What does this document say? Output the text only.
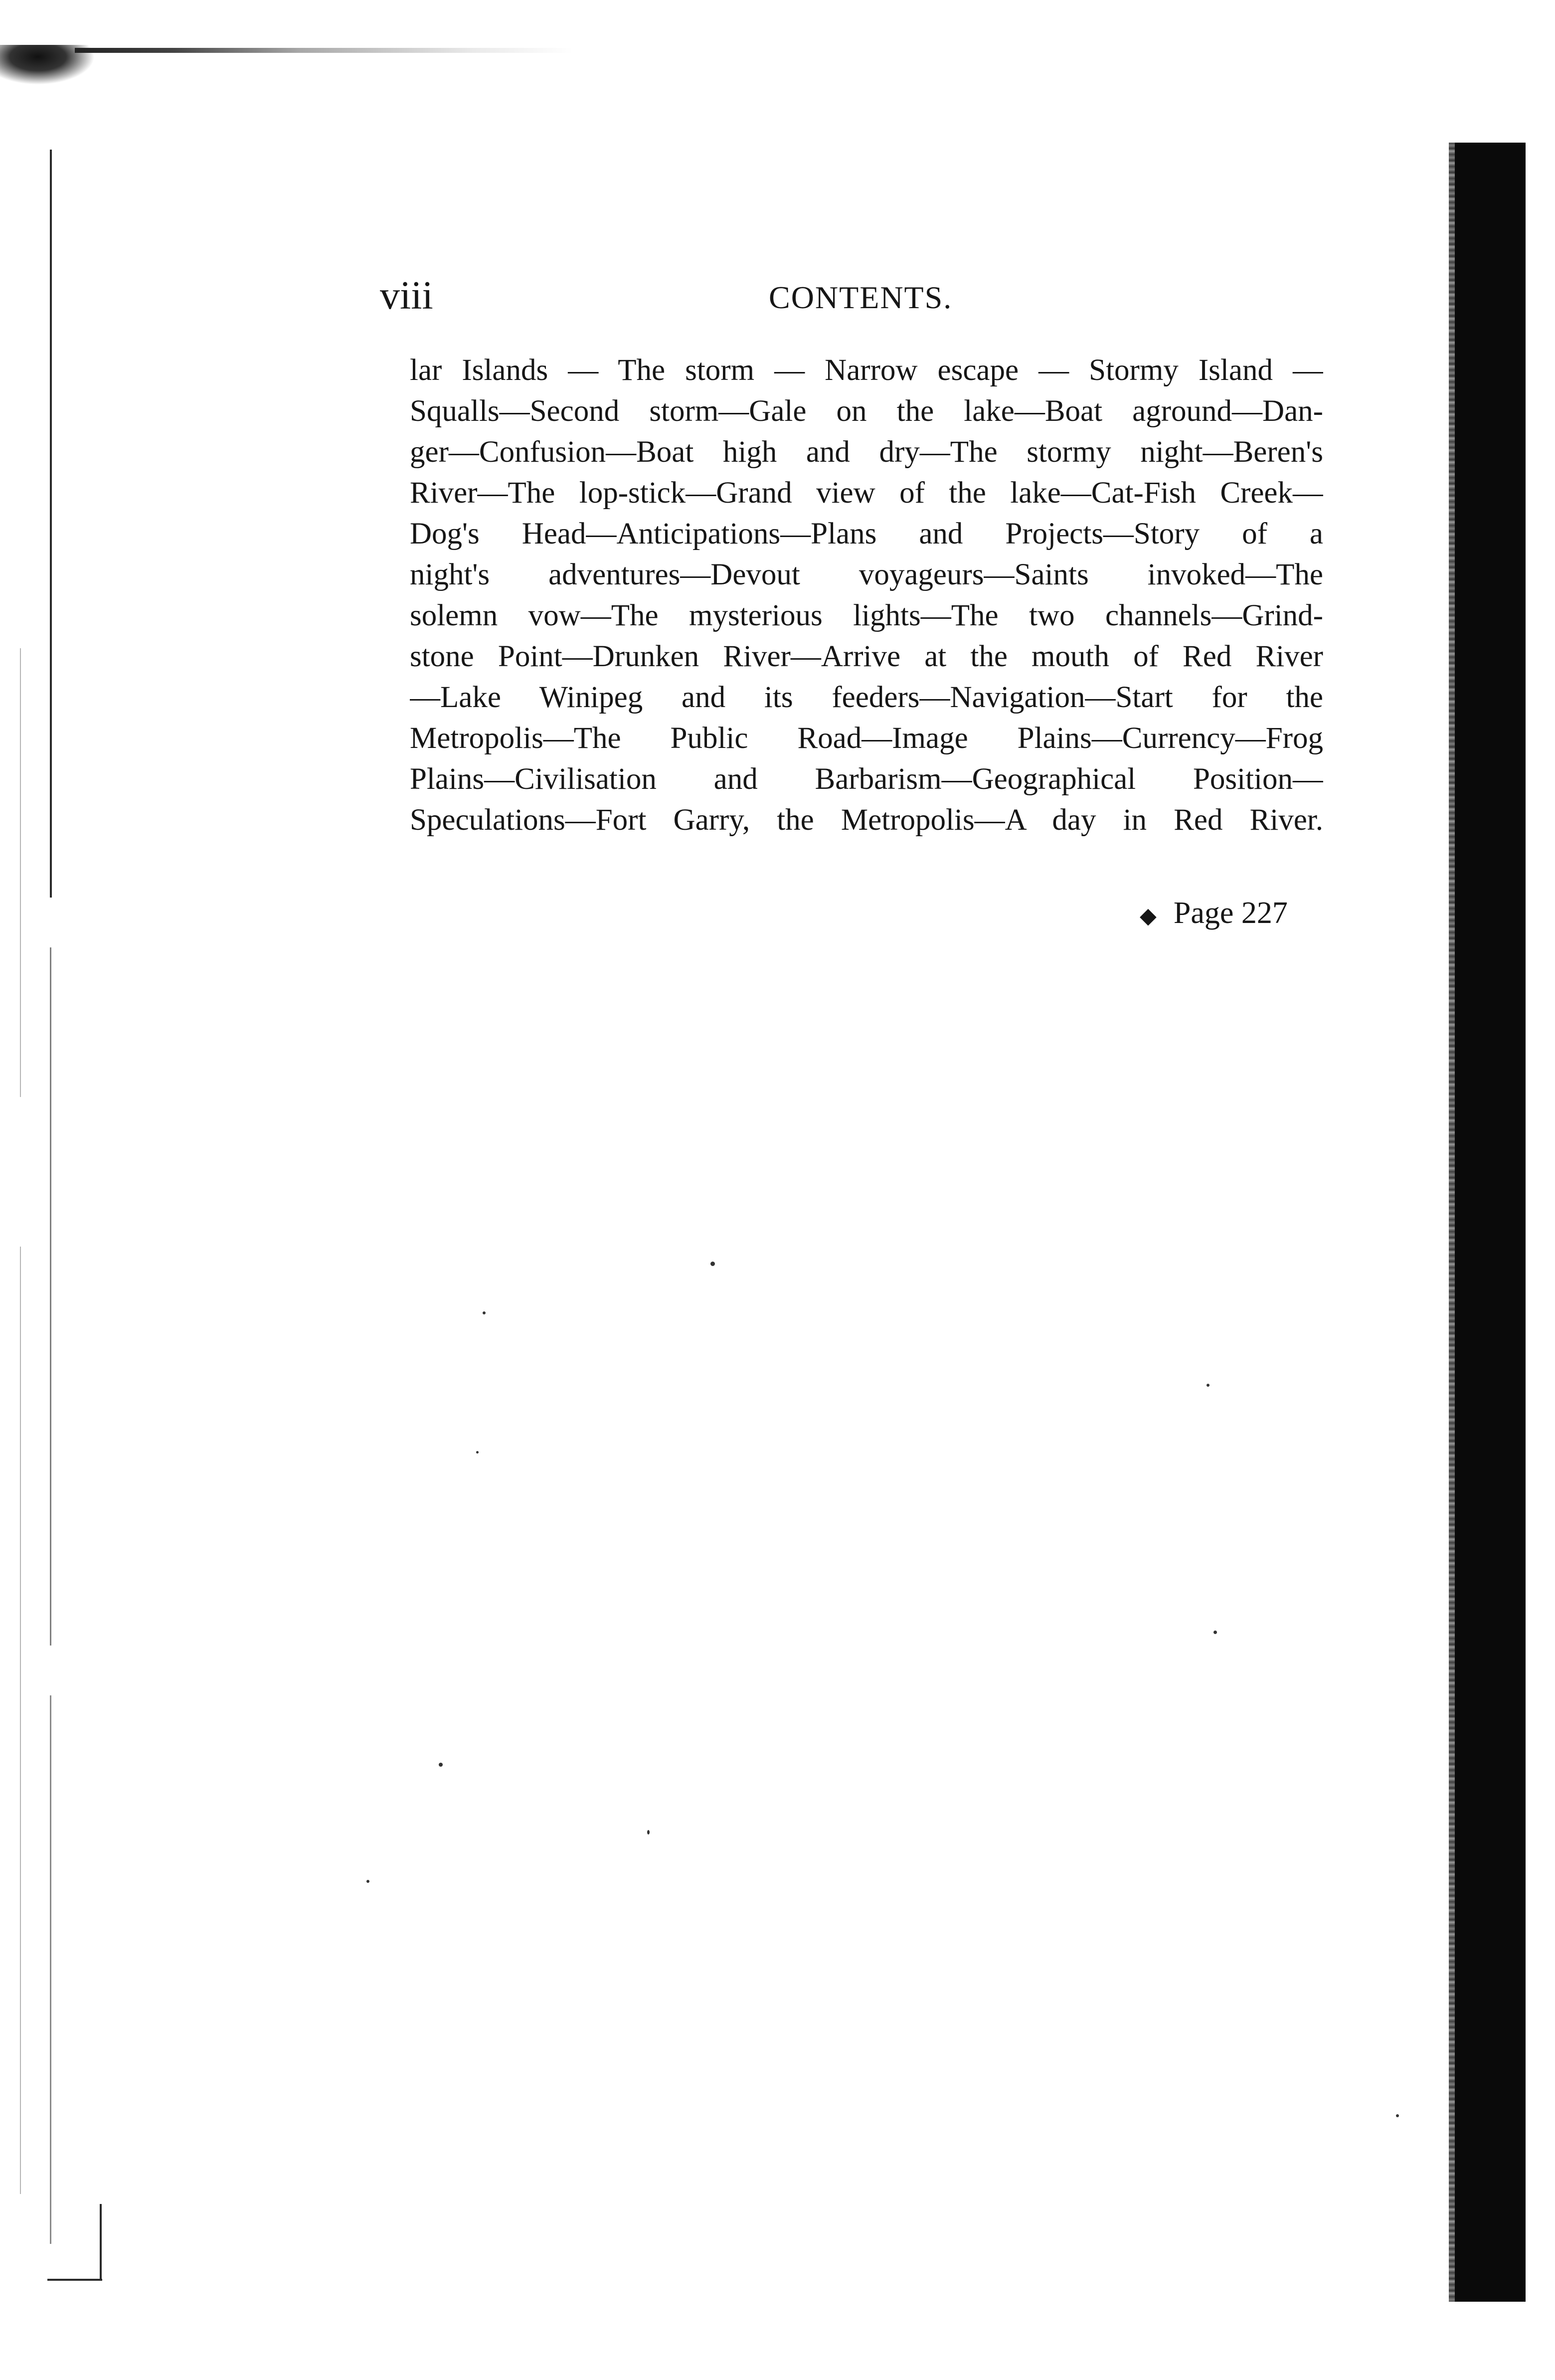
viii	CONTENTS.
lar Islands — The storm — Narrow escape — Stormy Island —
Squalls—Second storm—Gale on the lake—Boat aground—Dan-
ger—Confusion—Boat high and dry—The stormy night—Beren's
River—The lop-stick—Grand view of the lake—Cat-Fish Creek—
Dog's Head—Anticipations—Plans and Projects—Story of a
night's adventures—Devout voyageurs—Saints invoked—The
solemn vow—The mysterious lights—The two channels—Grind-
stone Point—Drunken River—Arrive at the mouth of Red River
—Lake Winipeg and its feeders—Navigation—Start for the
Metropolis—The Public Road—Image Plains—Currency—Frog
Plains—Civilisation and Barbarism—Geographical Position—
Speculations—Fort Garry, the Metropolis—A day in Red River.
◆ Page 227
